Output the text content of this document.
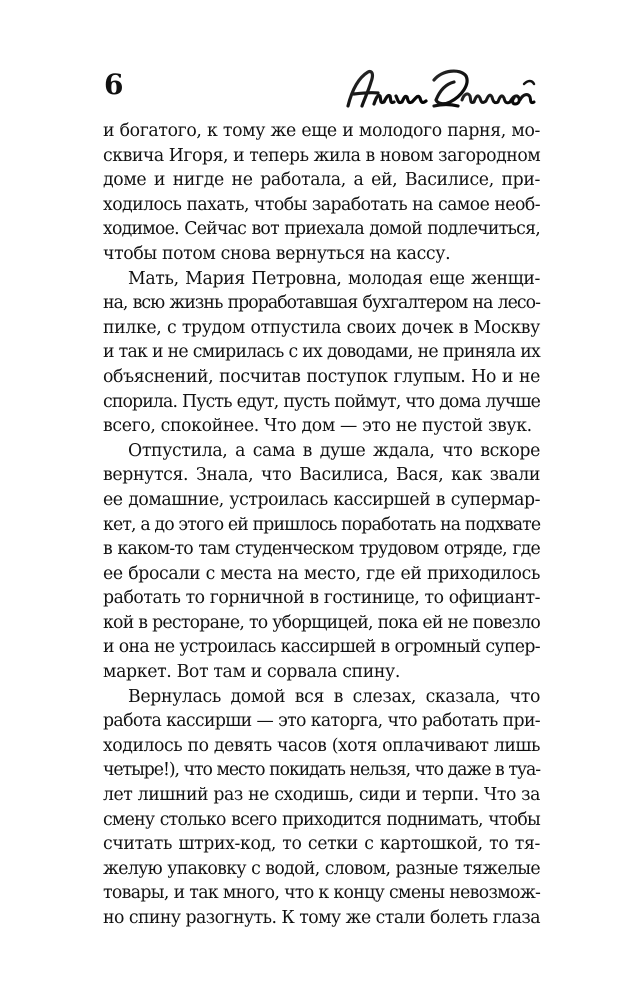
6
и богатого, к тому же еще и молодого парня, мо-
сквича Игоря, и теперь жила в новом загородном
доме и нигде не работала, а ей, Василисе, при-
ходилось пахать, чтобы заработать на самое необ-
ходимое. Сейчас вот приехала домой подлечиться,
чтобы потом снова вернуться на кассу.
Мать, Мария Петровна, молодая еще женщи-
на, всю жизнь проработавшая бухгалтером на лесо-
пилке, с трудом отпустила своих дочек в Москву
и так и не смирилась с их доводами, не приняла их
объяснений, посчитав поступок глупым. Но и не
спорила. Пусть едут, пусть поймут, что дома лучше
всего, спокойнее. Что дом — это не пустой звук.
Отпустила, а сама в душе ждала, что вскоре
вернутся. Знала, что Василиса, Вася, как звали
ее домашние, устроилась кассиршей в супермар-
кет, а до этого ей пришлось поработать на подхвате
в каком-то там студенческом трудовом отряде, где
ее бросали с места на место, где ей приходилось
работать то горничной в гостинице, то официант-
кой в ресторане, то уборщицей, пока ей не повезло
и она не устроилась кассиршей в огромный супер-
маркет. Вот там и сорвала спину.
Вернулась домой вся в слезах, сказала, что
работа кассирши — это каторга, что работать при-
ходилось по девять часов (хотя оплачивают лишь
четыре!), что место покидать нельзя, что даже в туа-
лет лишний раз не сходишь, сиди и терпи. Что за
смену столько всего приходится поднимать, чтобы
считать штрих-код, то сетки с картошкой, то тя-
желую упаковку с водой, словом, разные тяжелые
товары, и так много, что к концу смены невозмож-
но спину разогнуть. К тому же стали болеть глаза
